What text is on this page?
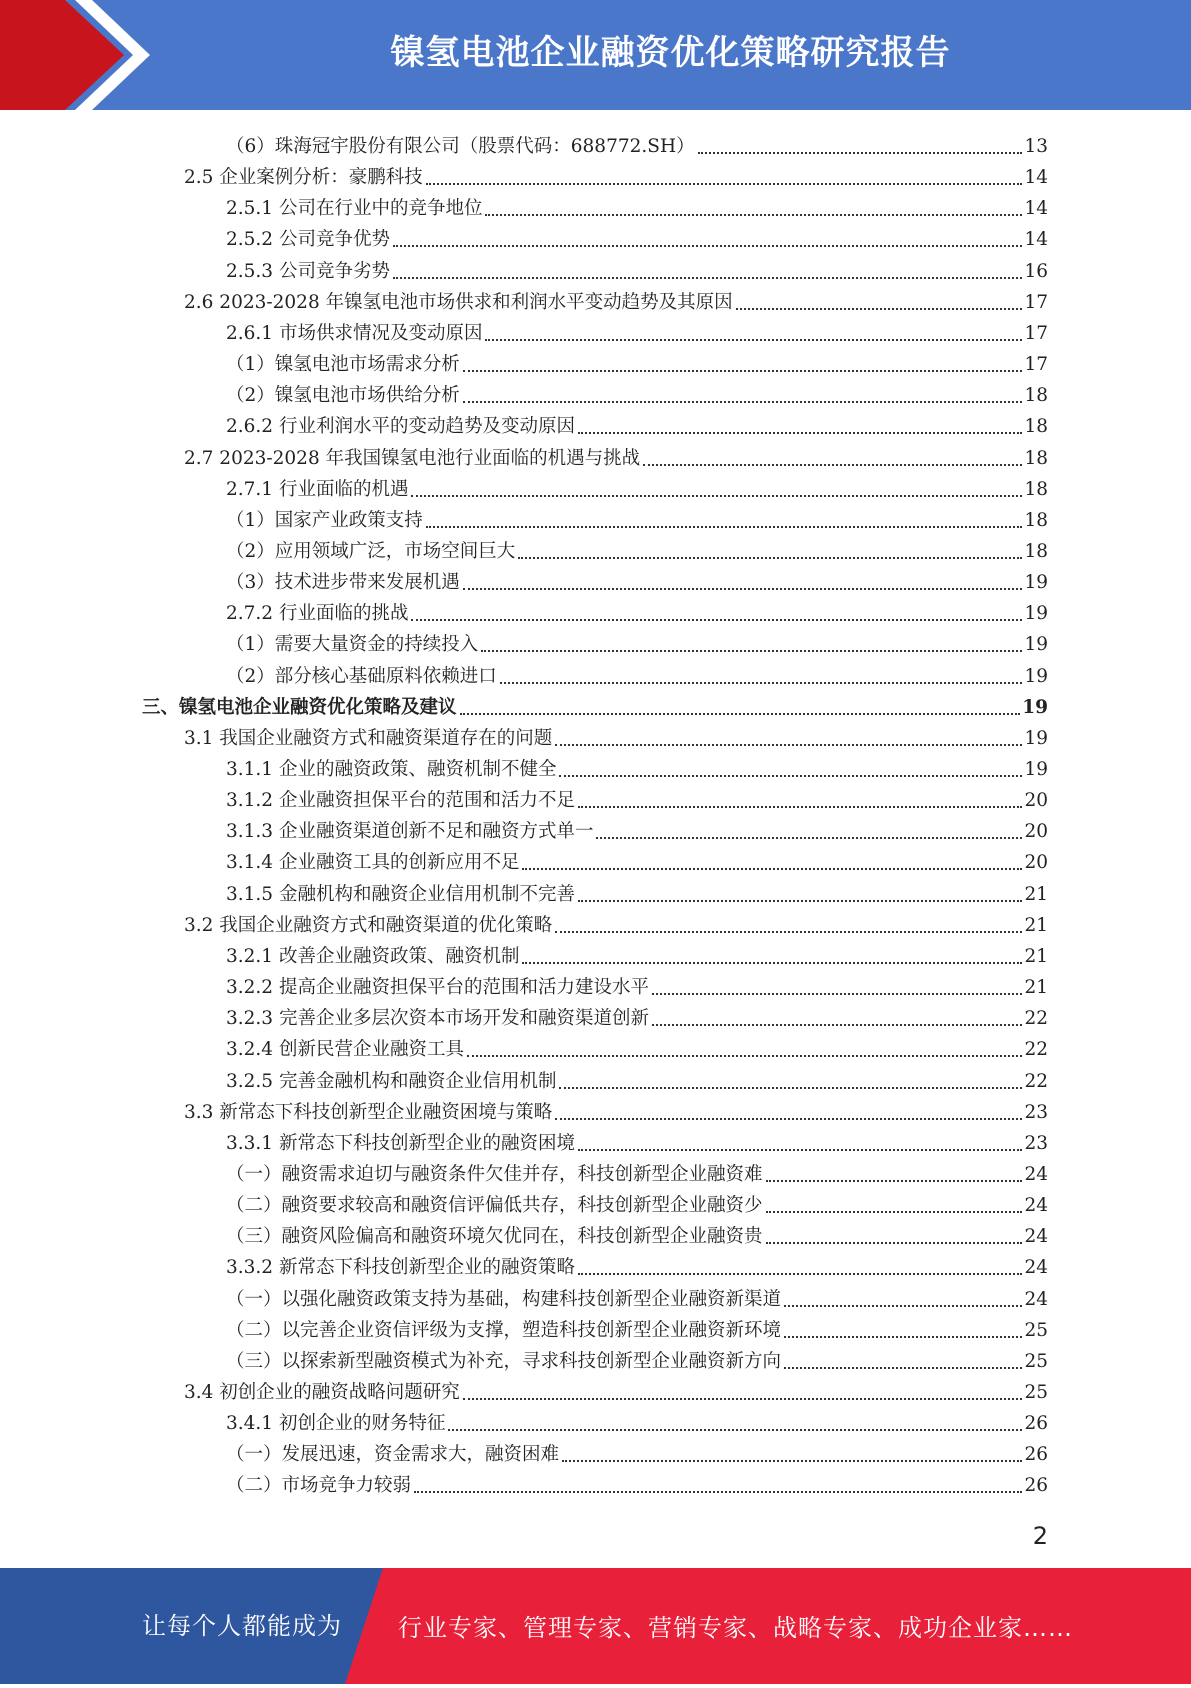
镍氢电池企业融资优化策略研究报告
（6）珠海冠宇股份有限公司（股票代码：688772.SH）	13
2.5 企业案例分析：豪鹏科技	14
2.5.1 公司在行业中的竞争地位	14
2.5.2 公司竞争优势	14
2.5.3 公司竞争劣势	16
2.6 2023-2028 年镍氢电池市场供求和利润水平变动趋势及其原因	17
2.6.1 市场供求情况及变动原因	17
（1）镍氢电池市场需求分析	17
（2）镍氢电池市场供给分析	18
2.6.2 行业利润水平的变动趋势及变动原因	18
2.7 2023-2028 年我国镍氢电池行业面临的机遇与挑战	18
2.7.1 行业面临的机遇	18
（1）国家产业政策支持	18
（2）应用领域广泛，市场空间巨大	18
（3）技术进步带来发展机遇	19
2.7.2 行业面临的挑战	19
（1）需要大量资金的持续投入	19
（2）部分核心基础原料依赖进口	19
三、镍氢电池企业融资优化策略及建议	19
3.1 我国企业融资方式和融资渠道存在的问题	19
3.1.1 企业的融资政策、融资机制不健全	19
3.1.2 企业融资担保平台的范围和活力不足	20
3.1.3 企业融资渠道创新不足和融资方式单一	20
3.1.4 企业融资工具的创新应用不足	20
3.1.5 金融机构和融资企业信用机制不完善	21
3.2 我国企业融资方式和融资渠道的优化策略	21
3.2.1 改善企业融资政策、融资机制	21
3.2.2 提高企业融资担保平台的范围和活力建设水平	21
3.2.3 完善企业多层次资本市场开发和融资渠道创新	22
3.2.4 创新民营企业融资工具	22
3.2.5 完善金融机构和融资企业信用机制	22
3.3 新常态下科技创新型企业融资困境与策略	23
3.3.1 新常态下科技创新型企业的融资困境	23
（一）融资需求迫切与融资条件欠佳并存，科技创新型企业融资难	24
（二）融资要求较高和融资信评偏低共存，科技创新型企业融资少	24
（三）融资风险偏高和融资环境欠优同在，科技创新型企业融资贵	24
3.3.2 新常态下科技创新型企业的融资策略	24
（一）以强化融资政策支持为基础，构建科技创新型企业融资新渠道	24
（二）以完善企业资信评级为支撑，塑造科技创新型企业融资新环境	25
（三）以探索新型融资模式为补充，寻求科技创新型企业融资新方向	25
3.4 初创企业的融资战略问题研究	25
3.4.1 初创企业的财务特征	26
（一）发展迅速，资金需求大，融资困难	26
（二）市场竞争力较弱	26
2
让每个人都能成为 行业专家、管理专家、营销专家、战略专家、成功企业家……
